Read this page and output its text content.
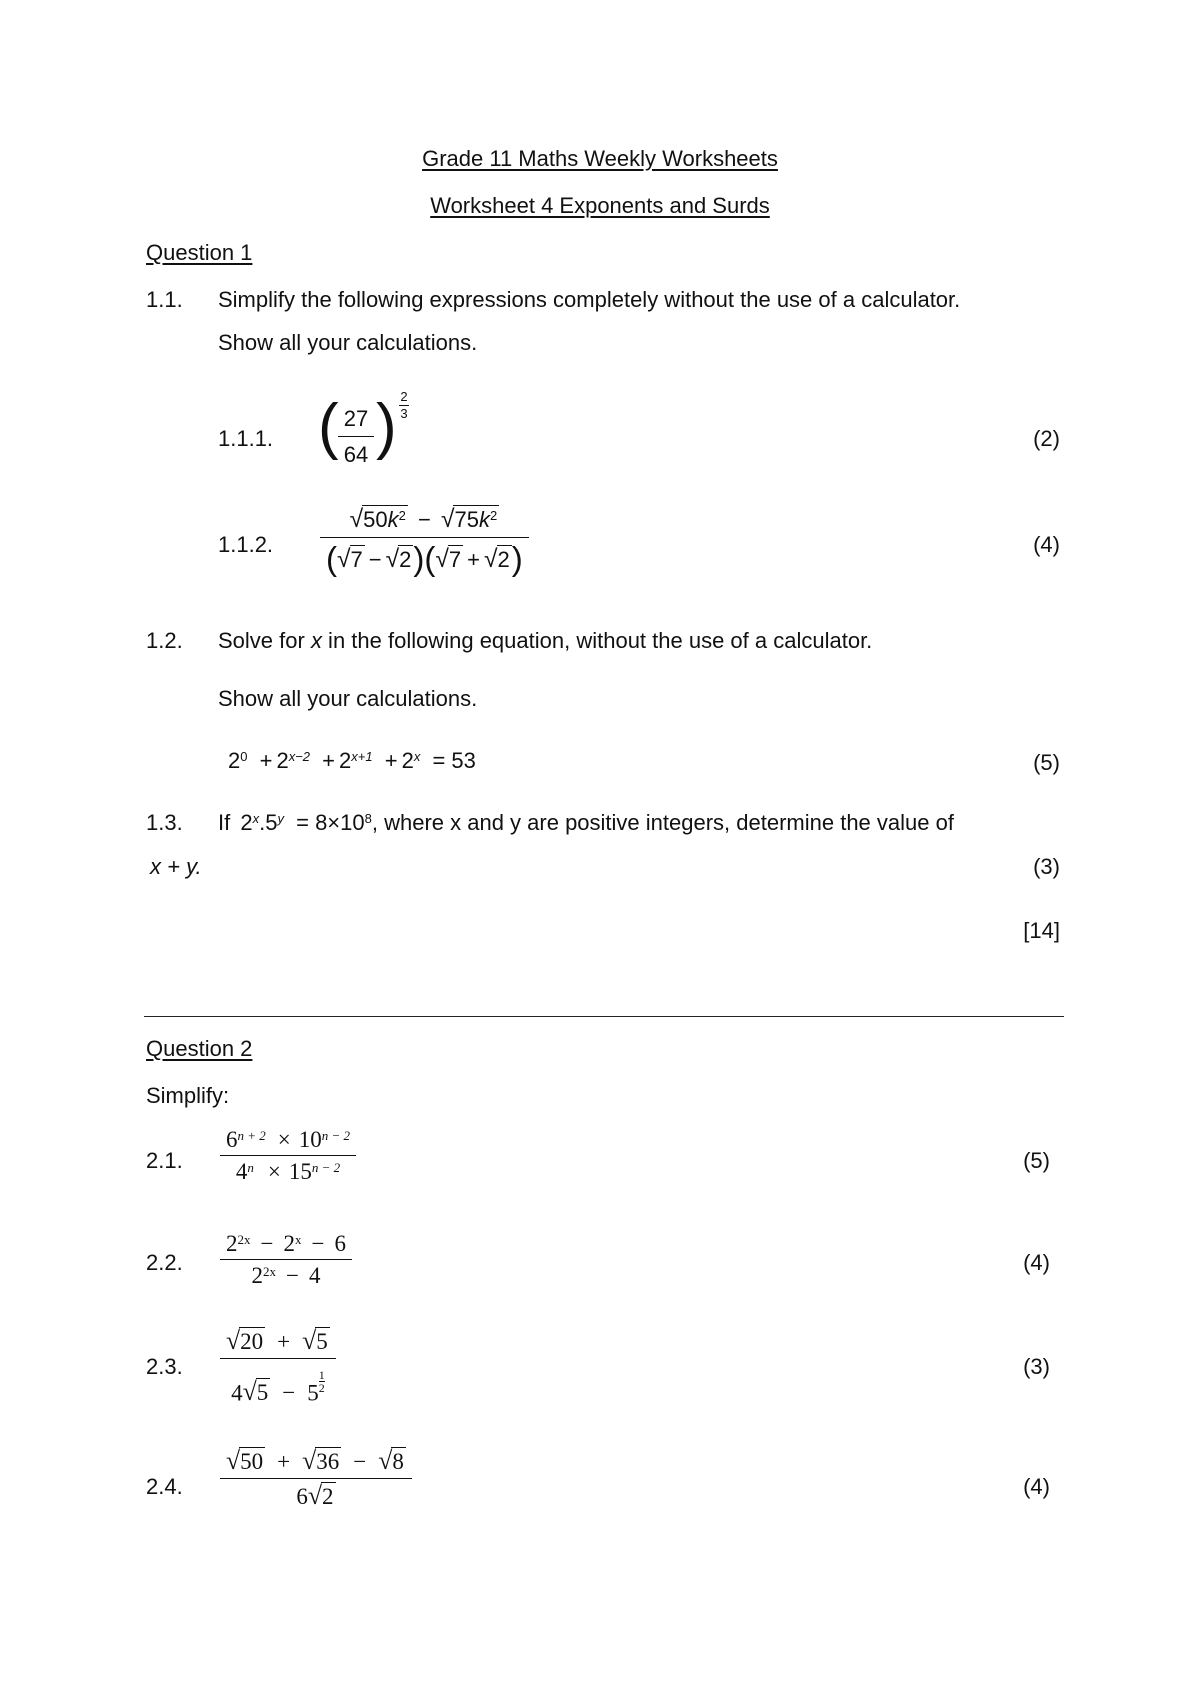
Grade 11 Maths Weekly Worksheets
Worksheet 4 Exponents and Surds
Question 1
1.1. Simplify the following expressions completely without the use of a calculator.
Show all your calculations.
1.1.1. ( 27
64 ) 2
3
(2)
1.1.2. $\frac{√50k^2 - √75k^2}{(√7 - √2)(√7 + √2)}$	(4)
1.2. Solve for x in the following equation, without the use of a calculator.
Show all your calculations.
$2^0 + 2^{x-2} + 2^{x+1} + 2^x = 53$	(5)
1.3. If $2^x.5^y = 8\times 10^8$, where x and y are positive integers, determine the value of
x + y.	(3)
[14]
Question 2
Simplify:
2.1. $\frac{6^{n + 2} \times 10^{n - 2}}{4^n \times 15^{n - 2}}$	(5)
2.2. $\frac{2^{2x} - 2^x - 6}{2^{2x} - 4}$	(4)
2.3. $\frac{√20 + √5}{4√5 - 5 \frac{1}{2}}$	(3)
2.4. $\frac{√50 + √36 - √8}{6√2}$	(4)
